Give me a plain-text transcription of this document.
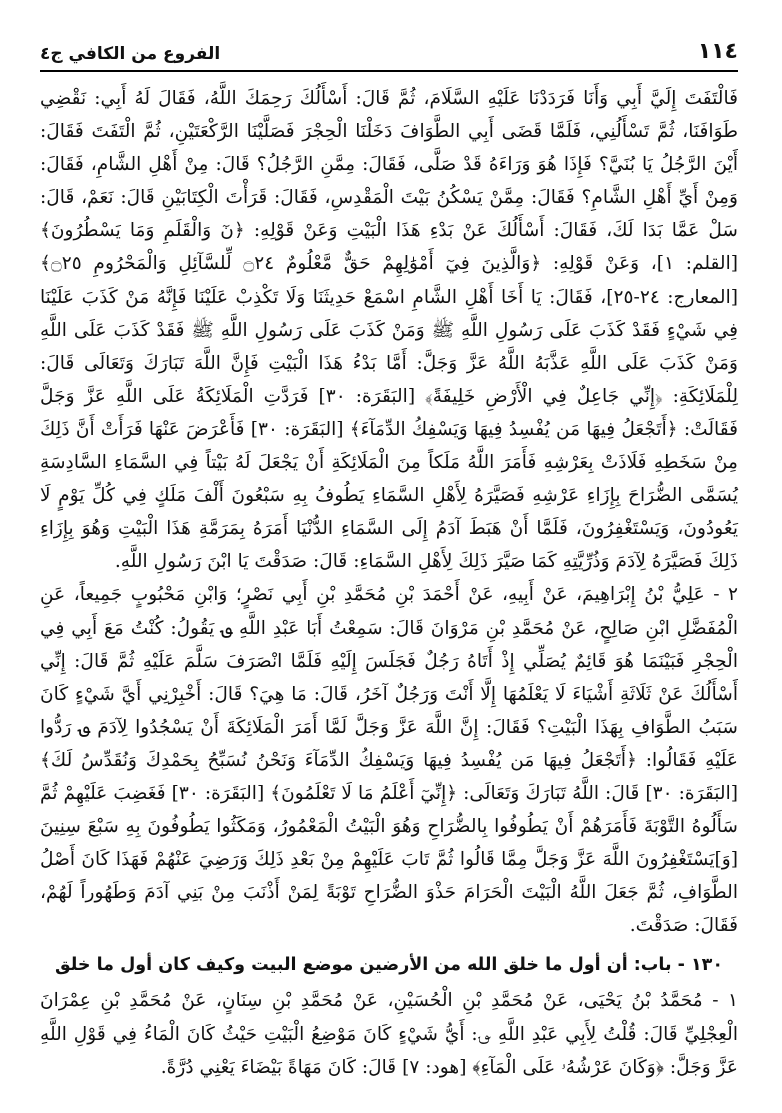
١١٤
الفروع من الكافي ج٤

فَالْتَفَتَ إِلَيَّ أَبِي وَأَنَا فَرَدَدْنَا عَلَيْهِ السَّلَامَ، ثُمَّ قَالَ: أَسْأَلُكَ رَحِمَكَ اللَّهُ، فَقَالَ لَهُ أَبِي: نَقْضِي طَوَافَنَا، ثُمَّ تَسْأَلُنِي، فَلَمَّا قَضَى أَبِي الطَّوَافَ دَخَلْنَا الْحِجْرَ فَصَلَّيْنَا الرَّكْعَتَيْنِ، ثُمَّ الْتَفَتَ فَقَالَ: أَيْنَ الرَّجُلُ يَا بُنَيَّ؟ فَإِذَا هُوَ وَرَاءَهُ قَدْ صَلَّى، فَقَالَ: مِمَّنِ الرَّجُلُ؟ قَالَ: مِنْ أَهْلِ الشَّامِ، فَقَالَ: وَمِنْ أَيِّ أَهْلِ الشَّامِ؟ فَقَالَ: مِمَّنْ يَسْكُنُ بَيْتَ الْمَقْدِسِ، فَقَالَ: قَرَأْتَ الْكِتَابَيْنِ قَالَ: نَعَمْ، قَالَ: سَلْ عَمَّا بَدَا لَكَ، فَقَالَ: أَسْأَلُكَ عَنْ بَدْءِ هَذَا الْبَيْتِ وَعَنْ قَوْلِهِ: ﴿نٓ وَالْقَلَمِ وَمَا يَسْطُرُونَ﴾ [القلم: ١]، وَعَنْ قَوْلِهِ: ﴿وَالَّذِينَ فِيٓ أَمْوَٰلِهِمْ حَقٌّ مَّعْلُومٌ ۝٢٤ لِّلسَّآئِلِ وَالْمَحْرُومِ ۝٢٥﴾ [المعارج: ٢٤-٢٥]، فَقَالَ: يَا أَخَا أَهْلِ الشَّامِ اسْمَعْ حَدِيثَنَا وَلَا تَكْذِبْ عَلَيْنَا فَإِنَّهُ مَنْ كَذَبَ عَلَيْنَا فِي شَيْءٍ فَقَدْ كَذَبَ عَلَى رَسُولِ اللَّهِ ﷺ وَمَنْ كَذَبَ عَلَى رَسُولِ اللَّهِ ﷺ فَقَدْ كَذَبَ عَلَى اللَّهِ وَمَنْ كَذَبَ عَلَى اللَّهِ عَذَّبَهُ اللَّهُ عَزَّ وَجَلَّ: أَمَّا بَدْءُ هَذَا الْبَيْتِ فَإِنَّ اللَّهَ تَبَارَكَ وَتَعَالَى قَالَ: لِلْمَلَائِكَةِ: ﴿إِنِّي جَاعِلٌ فِي الْأَرْضِ خَلِيفَةً﴾ [البَقَرَة: ٣٠] فَرَدَّتِ الْمَلَائِكَةُ عَلَى اللَّهِ عَزَّ وَجَلَّ فَقَالَتْ: ﴿أَتَجْعَلُ فِيهَا مَن يُفْسِدُ فِيهَا وَيَسْفِكُ الدِّمَآءَ﴾ [البَقَرَة: ٣٠] فَأَعْرَضَ عَنْهَا فَرَأَتْ أَنَّ ذَلِكَ مِنْ سَخَطِهِ فَلَاذَتْ بِعَرْشِهِ فَأَمَرَ اللَّهُ مَلَكاً مِنَ الْمَلَائِكَةِ أَنْ يَجْعَلَ لَهُ بَيْتاً فِي السَّمَاءِ السَّادِسَةِ يُسَمَّى الضُّرَاحَ بِإِزَاءِ عَرْشِهِ فَصَيَّرَهُ لِأَهْلِ السَّمَاءِ يَطُوفُ بِهِ سَبْعُونَ أَلْفَ مَلَكٍ فِي كُلِّ يَوْمٍ لَا يَعُودُونَ، وَيَسْتَغْفِرُونَ، فَلَمَّا أَنْ هَبَطَ آدَمُ إِلَى السَّمَاءِ الدُّنْيَا أَمَرَهُ بِمَرَمَّةِ هَذَا الْبَيْتِ وَهُوَ بِإِزَاءِ ذَلِكَ فَصَيَّرَهُ لِآدَمَ وَذُرِّيَّتِهِ كَمَا صَيَّرَ ذَلِكَ لِأَهْلِ السَّمَاءِ: قَالَ: صَدَقْتَ يَا ابْنَ رَسُولِ اللَّهِ.

٢ - عَلِيُّ بْنُ إِبْرَاهِيمَ، عَنْ أَبِيهِ، عَنْ أَحْمَدَ بْنِ مُحَمَّدِ بْنِ أَبِي نَصْرٍ؛ وَابْنِ مَحْبُوبٍ جَمِيعاً، عَنِ الْمُفَضَّلِ ابْنِ صَالِحٍ، عَنْ مُحَمَّدِ بْنِ مَرْوَانَ قَالَ: سَمِعْتُ أَبَا عَبْدِ اللَّهِ ؈ يَقُولُ: كُنْتُ مَعَ أَبِي فِي الْحِجْرِ فَبَيْنَمَا هُوَ قَائِمٌ يُصَلِّي إِذْ أَتَاهُ رَجُلٌ فَجَلَسَ إِلَيْهِ فَلَمَّا انْصَرَفَ سَلَّمَ عَلَيْهِ ثُمَّ قَالَ: إِنِّي أَسْأَلُكَ عَنْ ثَلَاثَةِ أَشْيَاءَ لَا يَعْلَمُهَا إِلَّا أَنْتَ وَرَجُلٌ آخَرُ، قَالَ: مَا هِيَ؟ قَالَ: أَخْبِرْنِي أَيَّ شَيْءٍ كَانَ سَبَبُ الطَّوَافِ بِهَذَا الْبَيْتِ؟ فَقَالَ: إِنَّ اللَّهَ عَزَّ وَجَلَّ لَمَّا أَمَرَ الْمَلَائِكَةَ أَنْ يَسْجُدُوا لِآدَمَ ؈ رَدُّوا عَلَيْهِ فَقَالُوا: ﴿أَتَجْعَلُ فِيهَا مَن يُفْسِدُ فِيهَا وَيَسْفِكُ الدِّمَآءَ وَنَحْنُ نُسَبِّحُ بِحَمْدِكَ وَنُقَدِّسُ لَكَ﴾ [البَقَرَة: ٣٠] قَالَ: اللَّهُ تَبَارَكَ وَتَعَالَى: ﴿إِنِّيٓ أَعْلَمُ مَا لَا تَعْلَمُونَ﴾ [البَقَرَة: ٣٠] فَغَضِبَ عَلَيْهِمْ ثُمَّ سَأَلُوهُ التَّوْبَةَ فَأَمَرَهُمْ أَنْ يَطُوفُوا بِالضُّرَاحِ وَهُوَ الْبَيْتُ الْمَعْمُورُ، وَمَكَثُوا يَطُوفُونَ بِهِ سَبْعَ سِنِينَ [وَ]يَسْتَغْفِرُونَ اللَّهَ عَزَّ وَجَلَّ مِمَّا قَالُوا ثُمَّ تَابَ عَلَيْهِمْ مِنْ بَعْدِ ذَلِكَ وَرَضِيَ عَنْهُمْ فَهَذَا كَانَ أَصْلُ الطَّوَافِ، ثُمَّ جَعَلَ اللَّهُ الْبَيْتَ الْحَرَامَ حَذْوَ الضُّرَاحِ تَوْبَةً لِمَنْ أَذْنَبَ مِنْ بَنِي آدَمَ وَطَهُوراً لَهُمْ، فَقَالَ: صَدَقْتَ.

١٣٠ - باب: أن أول ما خلق الله من الأرضين موضع البيت وكيف كان أول ما خلق

١ - مُحَمَّدُ بْنُ يَحْيَى، عَنْ مُحَمَّدِ بْنِ الْحُسَيْنِ، عَنْ مُحَمَّدِ بْنِ سِنَانٍ، عَنْ مُحَمَّدِ بْنِ عِمْرَانَ الْعِجْلِيِّ قَالَ: قُلْتُ لِأَبِي عَبْدِ اللَّهِ ؈: أَيُّ شَيْءٍ كَانَ مَوْضِعُ الْبَيْتِ حَيْثُ كَانَ الْمَاءُ فِي قَوْلِ اللَّهِ عَزَّ وَجَلَّ: ﴿وَكَانَ عَرْشُهُۥ عَلَى الْمَآءِ﴾ [هود: ٧] قَالَ: كَانَ مَهَاةً بَيْضَاءَ يَعْنِي دُرَّةً.
